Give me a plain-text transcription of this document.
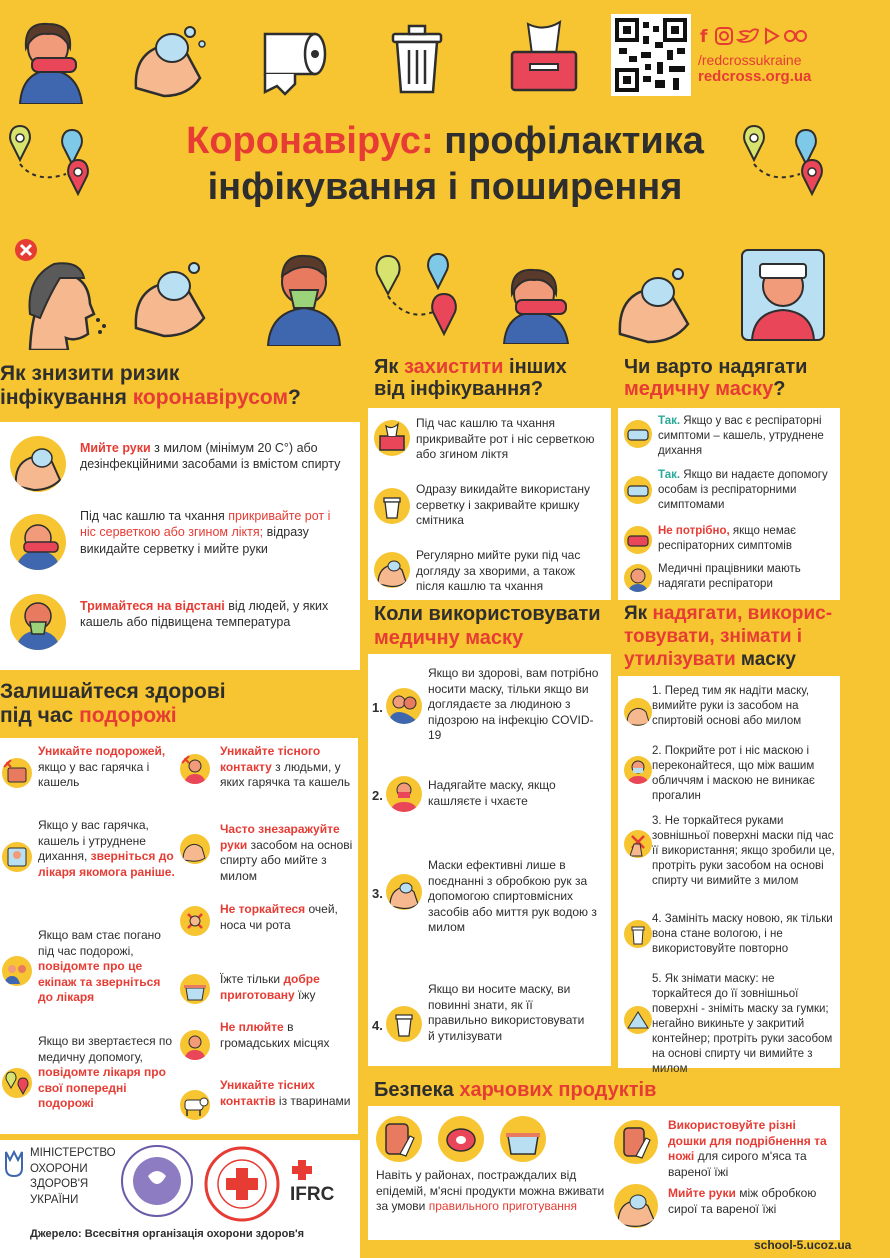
f
/redcrossukraine
redcross.org.ua
Коронавірус: профілактика
інфікування і поширення
Як знизити ризик
інфікування коронавірусом?
Мийте руки з милом (мінімум 20 С°) або дезінфекційними засобами із вмістом спирту
Під час кашлю та чхання прикривайте рот і ніс серветкою або згином ліктя; відразу викидайте серветку і мийте руки
Тримайтеся на відстані від людей, у яких кашель або підвищена температура
Як захистити інших
від інфікування?
Під час кашлю та чхання прикривайте рот і ніс серветкою або згином ліктя
Одразу викидайте використану серветку і закривайте кришку смітника
Регулярно мийте руки під час догляду за хворими, а також після кашлю та чхання
Чи варто надягати
медичну маску?
Так. Якщо у вас є респіраторні симптоми – кашель, утруднене дихання
Так. Якщо ви надаєте допомогу особам із респіраторними симптомами
Не потрібно, якщо немає респіраторних симптомів
Медичні працівники мають надягати респіратори
Коли використовувати
медичну маску
1.
Якщо ви здорові, вам потрібно носити маску, тільки якщо ви доглядаєте за людиною з підозрою на інфекцію COVID-19
2.
Надягайте маску, якщо кашляєте і чхаєте
3.
Маски ефективні лише в поєднанні з обробкою рук за допомогою спиртовмісних засобів або миття рук водою з милом
4.
Якщо ви носите маску, ви повинні знати, як її правильно використовувати й утилізувати
Як надягати, викорис-
товувати, знімати і
утилізувати маску
1. Перед тим як надіти маску, вимийте руки із засобом на спиртовій основі або милом
2. Покрийте рот і ніс маскою і переконайтеся, що між вашим обличчям і маскою не виникає прогалин
3. Не торкайтеся руками зовнішньої поверхні маски під час її використання; якщо зробили це, протріть руки засобом на основі спирту чи вимийте з милом
4. Замініть маску новою, як тільки вона стане вологою, і не використовуйте повторно
5. Як знімати маску: не торкайтеся до її зовнішньої поверхні - зніміть маску за гумки; негайно викиньте у закритий контейнер; протріть руки засобом на основі спирту чи вимийте з милом
Залишайтеся здорові
під час подорожі
Уникайте подорожей, якщо у вас гарячка і кашель
Якщо у вас гарячка, кашель і утруднене дихання, зверніться до лікаря якомога раніше.
Якщо вам стає погано під час подорожі, повідомте про це екіпаж та зверніться до лікаря
Якщо ви звертаєтеся по медичну допомогу, повідомте лікаря про свої попередні подорожі
Уникайте тісного контакту з людьми, у яких гарячка та кашель
Часто знезаражуйте руки засобом на основі спирту або мийте з милом
Не торкайтеся очей, носа чи рота
Їжте тільки добре приготовану їжу
Не плюйте в громадських місцях
Уникайте тісних контактів із тваринами Безпека харчових продуктів
Навіть у районах, постраждалих від епідемій, м'ясні продукти можна вживати за умови правильного приготування
Використовуйте різні дошки для подрібнення та ножі для сирого м'яса та вареної їжі
Мийте руки між обробкою сирої та вареної їжі
МІНІСТЕРСТВО ОХОРОНИ ЗДОРОВ'Я УКРАЇНИ	IFRC
Джерело: Всесвітня організація охорони здоров'я
school-5.ucoz.ua
